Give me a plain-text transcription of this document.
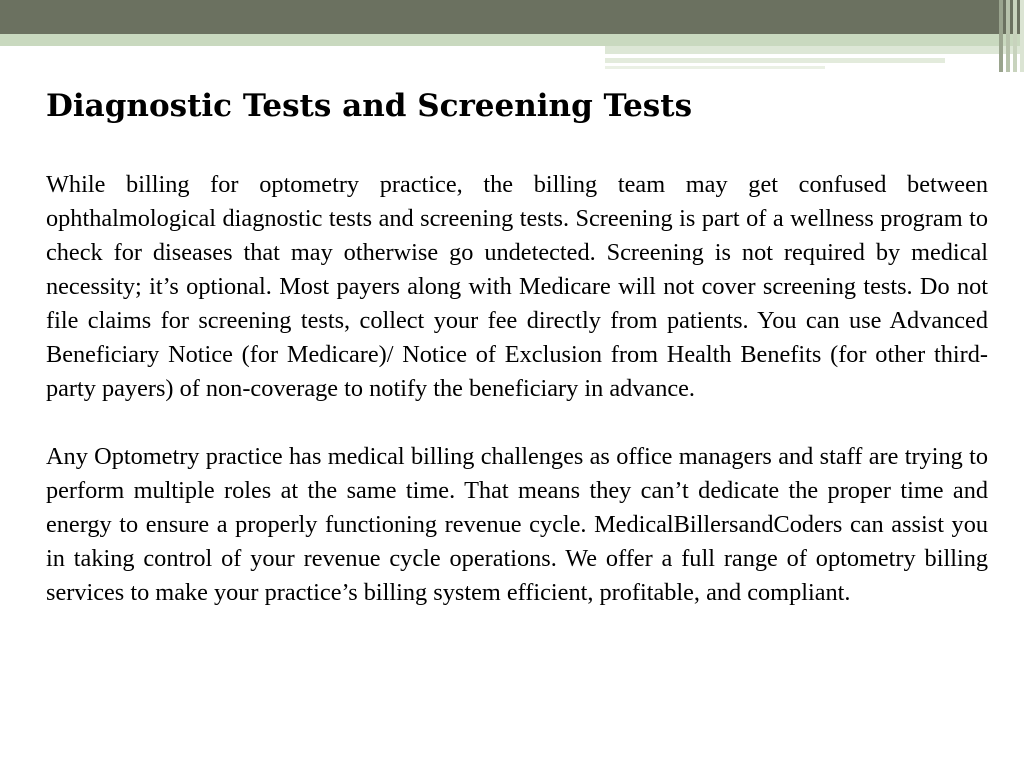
Diagnostic Tests and Screening Tests

While billing for optometry practice, the billing team may get confused between ophthalmological diagnostic tests and screening tests. Screening is part of a wellness program to check for diseases that may otherwise go undetected. Screening is not required by medical necessity; it’s optional. Most payers along with Medicare will not cover screening tests. Do not file claims for screening tests, collect your fee directly from patients. You can use Advanced Beneficiary Notice (for Medicare)/ Notice of Exclusion from Health Benefits (for other third-party payers) of non-coverage to notify the beneficiary in advance.

Any Optometry practice has medical billing challenges as office managers and staff are trying to perform multiple roles at the same time. That means they can’t dedicate the proper time and energy to ensure a properly functioning revenue cycle. MedicalBillersandCoders can assist you in taking control of your revenue cycle operations. We offer a full range of optometry billing services to make your practice’s billing system efficient, profitable, and compliant.
